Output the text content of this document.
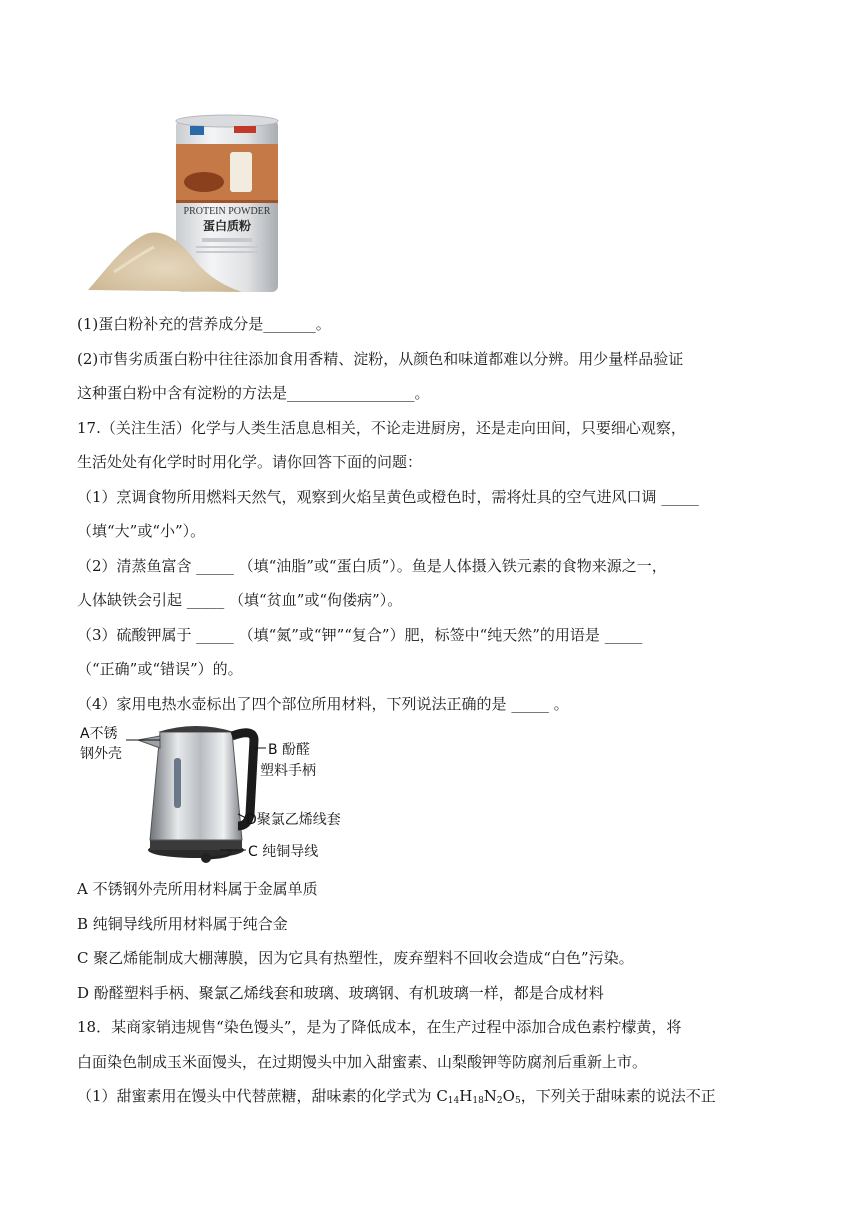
PROTEIN POWDER
蛋白质粉
(1)蛋白粉补充的营养成分是_______。
(2)市售劣质蛋白粉中往往添加食用香精、淀粉，从颜色和味道都难以分辨。用少量样品验证
这种蛋白粉中含有淀粉的方法是_________________。
17.（关注生活）化学与人类生活息息相关，不论走进厨房，还是走向田间，只要细心观察，
生活处处有化学时时用化学。请你回答下面的问题：
（1）烹调食物所用燃料天然气，观察到火焰呈黄色或橙色时，需将灶具的空气进风口调 _____
（填“大”或“小”）。
（2）清蒸鱼富含 _____ （填“油脂”或“蛋白质”）。鱼是人体摄入铁元素的食物来源之一，
人体缺铁会引起 _____ （填“贫血”或“佝偻病”）。
（3）硫酸钾属于 _____ （填“氮”或“钾”“复合”）肥，标签中“纯天然”的用语是 _____
（“正确”或“错误”）的。
（4）家用电热水壶标出了四个部位所用材料，下列说法正确的是 _____ 。
A不锈
钢外壳	B 酚醛
塑料手柄
D聚氯乙烯线套
C 纯铜导线
A 不锈钢外壳所用材料属于金属单质
B 纯铜导线所用材料属于纯合金
C 聚乙烯能制成大棚薄膜，因为它具有热塑性，废弃塑料不回收会造成“白色”污染。
D 酚醛塑料手柄、聚氯乙烯线套和玻璃、玻璃钢、有机玻璃一样，都是合成材料
18．某商家销违规售“染色馒头”，是为了降低成本，在生产过程中添加合成色素柠檬黄，将
白面染色制成玉米面馒头，在过期馒头中加入甜蜜素、山梨酸钾等防腐剂后重新上市。
（1）甜蜜素用在馒头中代替蔗糖，甜味素的化学式为 $C_{14}H_{18}N_2O_5$，下列关于甜味素的说法不正
